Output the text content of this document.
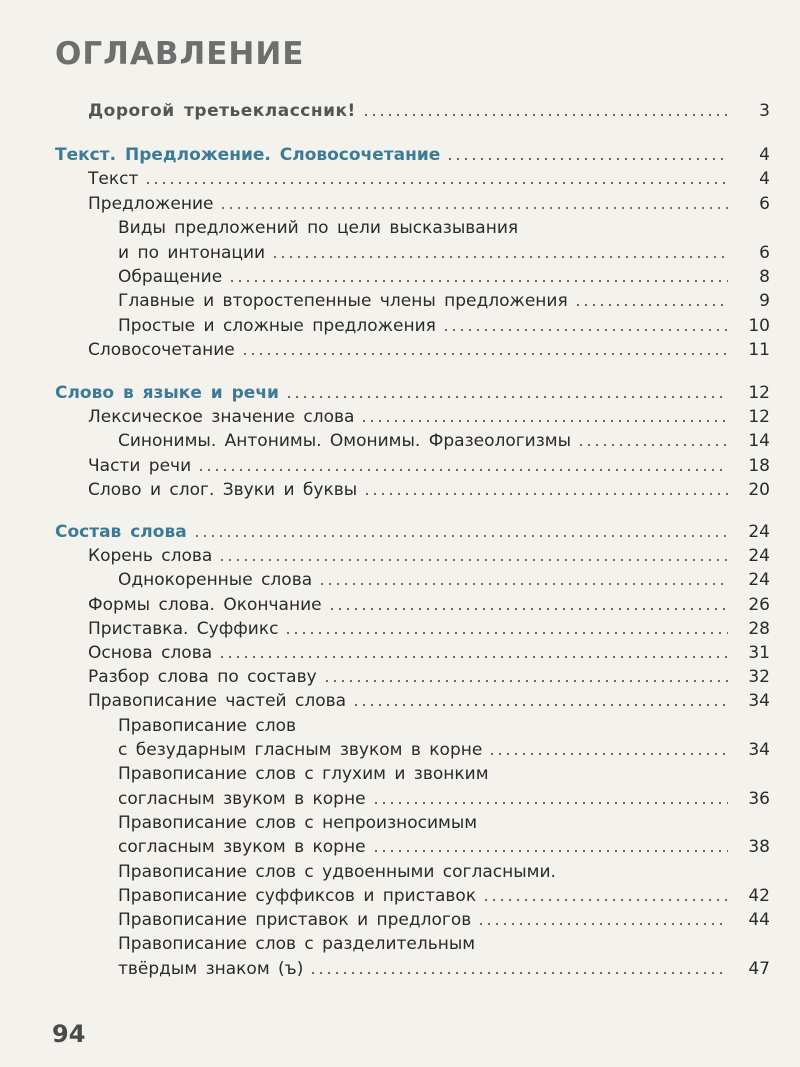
ОГЛАВЛЕНИЕ
Дорогой третьекласcник!	3
Текст. Предложение. Словосочетание	4
Текст	4
Предложение	6
Виды предложений по цели высказывания
и по интонации	6
Обращение	8
Главные и второстепенные члены предложения	9
Простые и сложные предложения	10
Словосочетание	11
Слово в языке и речи	12
Лексическое значение слова	12
Синонимы. Антонимы. Омонимы. Фразеологизмы	14
Части речи	18
Слово и слог. Звуки и буквы	20
Состав слова	24
Корень слова	24
Однокоренные слова	24
Формы слова. Окончание	26
Приставка. Суффикс	28
Основа слова	31
Разбор слова по составу	32
Правописание частей слова	34
Правописание слов
с безударным гласным звуком в корне	34
Правописание слов с глухим и звонким
согласным звуком в корне	36
Правописание слов с непроизносимым
согласным звуком в корне	38
Правописание слов с удвоенными согласными.
Правописание суффиксов и приставок	42
Правописание приставок и предлогов	44
Правописание слов с разделительным
твёрдым знаком (ъ)	47
94
